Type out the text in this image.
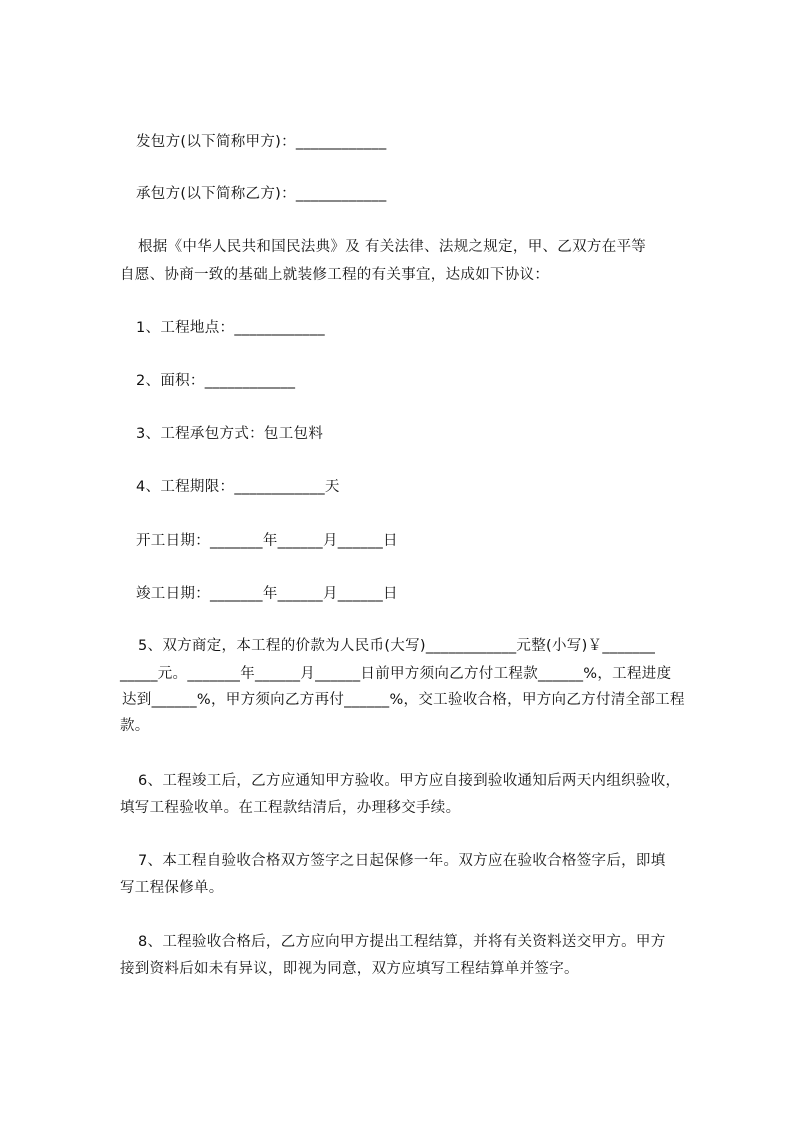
发包方(以下简称甲方)：____________
承包方(以下简称乙方)：____________
根据《中华人民共和国民法典》及 有关法律、法规之规定，甲、乙双方在平等
自愿、协商一致的基础上就装修工程的有关事宜，达成如下协议：
1、工程地点：____________
2、面积：____________
3、工程承包方式：包工包料
4、工程期限：____________天
开工日期：_______年______月______日
竣工日期：_______年______月______日
5、双方商定，本工程的价款为人民币(大写)____________元整(小写)￥_______
_____元。_______年______月______日前甲方须向乙方付工程款______%，工程进度
达到______%，甲方须向乙方再付______%，交工验收合格，甲方向乙方付清全部工程
款。
6、工程竣工后，乙方应通知甲方验收。甲方应自接到验收通知后两天内组织验收，
填写工程验收单。在工程款结清后，办理移交手续。
7、本工程自验收合格双方签字之日起保修一年。双方应在验收合格签字后，即填
写工程保修单。
8、工程验收合格后，乙方应向甲方提出工程结算，并将有关资料送交甲方。甲方
接到资料后如未有异议，即视为同意，双方应填写工程结算单并签字。
